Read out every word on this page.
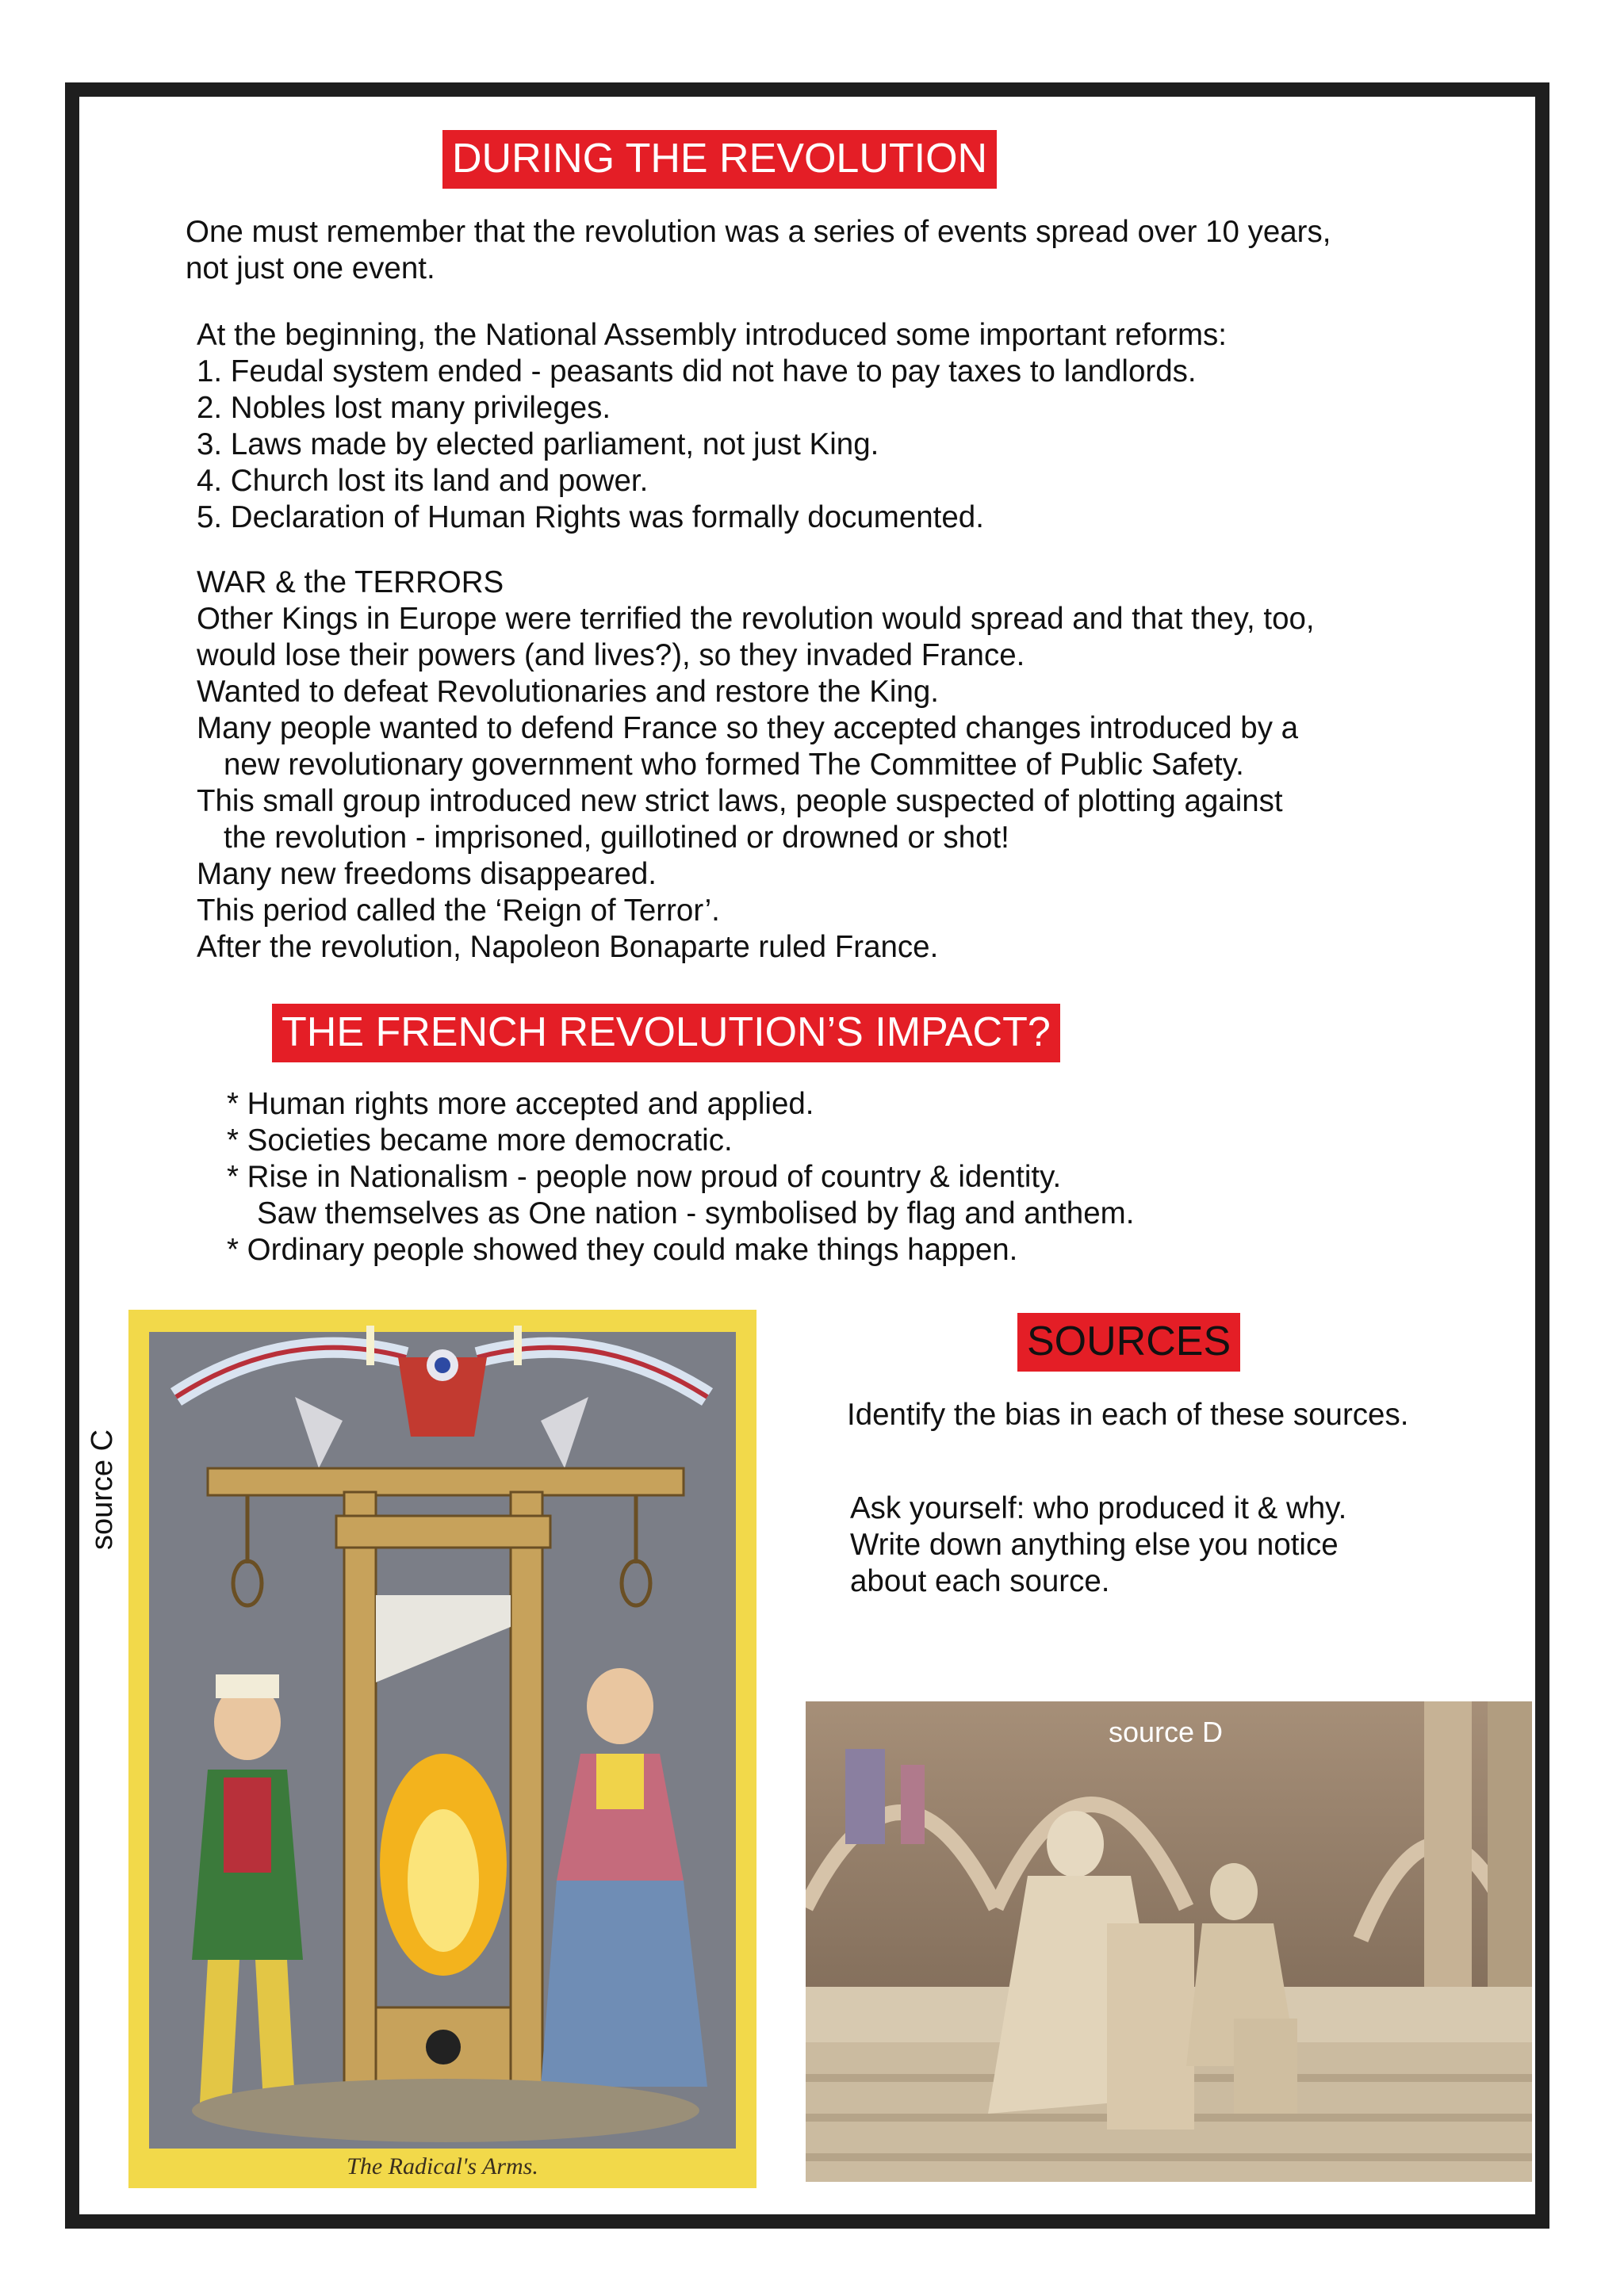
DURING THE REVOLUTION

One must remember that the revolution was a series of events spread over 10 years,

not just one event.

At the beginning, the National Assembly introduced some important reforms:

1. Feudal system ended - peasants did not have to pay taxes to landlords.

2. Nobles lost many privileges.

3. Laws made by elected parliament, not just King.

4. Church lost its land and power.

5. Declaration of Human Rights was formally documented.

WAR & the TERRORS

Other Kings in Europe were terrified the revolution would spread and that they, too,

would lose their powers (and lives?), so they invaded France.

Wanted to defeat Revolutionaries and restore the King.

Many people wanted to defend France so they accepted changes introduced by a

new revolutionary government who formed The Committee of Public Safety.

This small group introduced new strict laws, people suspected of plotting against

the revolution - imprisoned, guillotined or drowned or shot!

Many new freedoms disappeared.

This period called the ‘Reign of Terror’.

After the revolution, Napoleon Bonaparte ruled France.

THE FRENCH REVOLUTION’S IMPACT?

* Human rights more accepted and applied.

* Societies became more democratic.

* Rise in Nationalism - people now proud of country & identity.

Saw themselves as One nation - symbolised by flag and anthem.

* Ordinary people showed they could make things happen.

SOURCES

Identify the bias in each of these sources.

Ask yourself: who produced it & why.

Write down anything else you notice

about each source.

source C
The Radical's Arms.
source D
